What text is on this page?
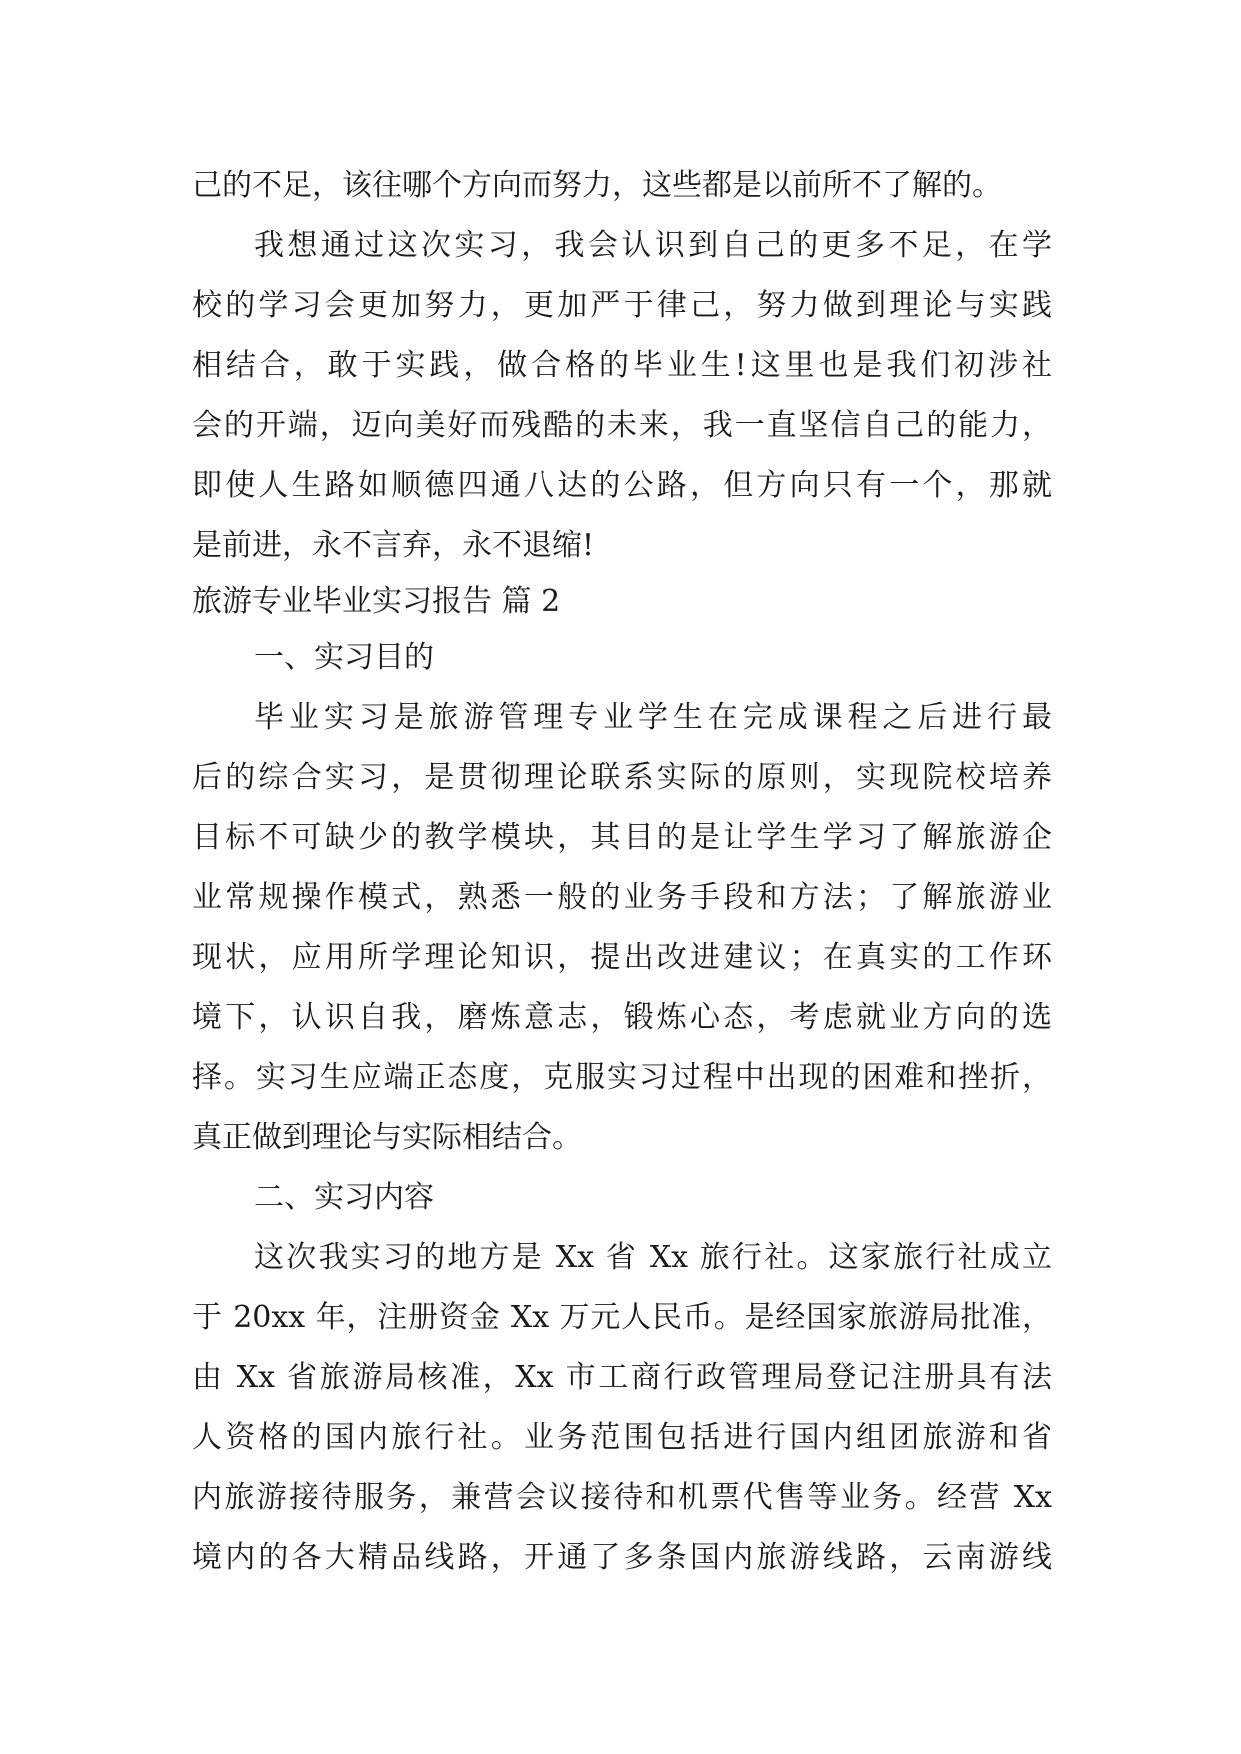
己的不足，该往哪个方向而努力，这些都是以前所不了解的。
我想通过这次实习，我会认识到自己的更多不足，在学
校的学习会更加努力，更加严于律己，努力做到理论与实践
相结合，敢于实践，做合格的毕业生!这里也是我们初涉社
会的开端，迈向美好而残酷的未来，我一直坚信自己的能力，
即使人生路如顺德四通八达的公路，但方向只有一个，那就
是前进，永不言弃，永不退缩!
旅游专业毕业实习报告 篇 2
一、实习目的
毕业实习是旅游管理专业学生在完成课程之后进行最
后的综合实习，是贯彻理论联系实际的原则，实现院校培养
目标不可缺少的教学模块，其目的是让学生学习了解旅游企
业常规操作模式，熟悉一般的业务手段和方法；了解旅游业
现状，应用所学理论知识，提出改进建议；在真实的工作环
境下，认识自我，磨炼意志，锻炼心态，考虑就业方向的选
择。实习生应端正态度，克服实习过程中出现的困难和挫折，
真正做到理论与实际相结合。
二、实习内容
这次我实习的地方是 Xx 省 Xx 旅行社。这家旅行社成立
于 20xx 年，注册资金 Xx 万元人民币。是经国家旅游局批准，
由 Xx 省旅游局核准，Xx 市工商行政管理局登记注册具有法
人资格的国内旅行社。业务范围包括进行国内组团旅游和省
内旅游接待服务，兼营会议接待和机票代售等业务。经营 Xx
境内的各大精品线路，开通了多条国内旅游线路，云南游线
